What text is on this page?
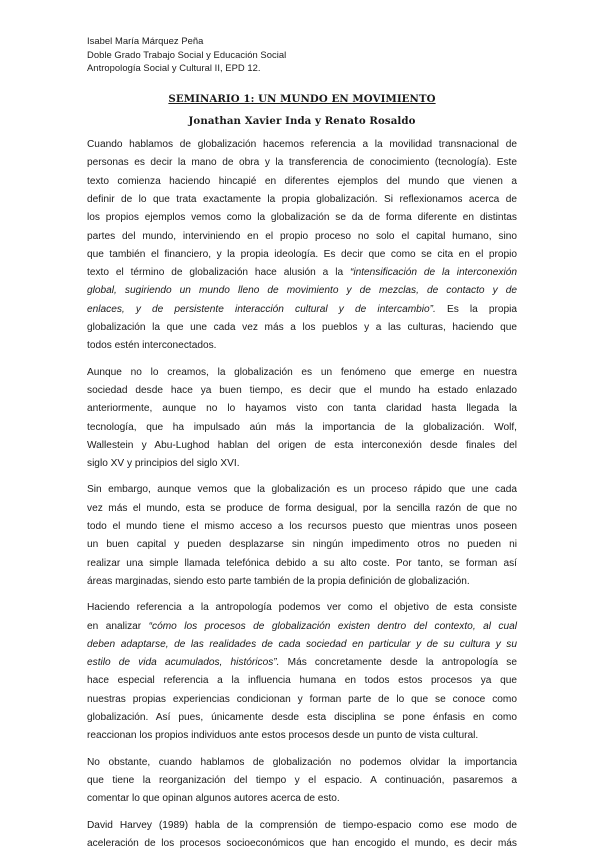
Isabel María Márquez Peña
Doble Grado Trabajo Social y Educación Social
Antropología Social y Cultural II, EPD 12.
SEMINARIO 1: UN MUNDO EN MOVIMIENTO
Jonathan Xavier Inda y Renato Rosaldo
Cuando hablamos de globalización hacemos referencia a la movilidad transnacional de
personas es decir la mano de obra y la transferencia de conocimiento (tecnología). Este
texto comienza haciendo hincapié en diferentes ejemplos del mundo que vienen a
definir de lo que trata exactamente la propia globalización. Si reflexionamos acerca de
los propios ejemplos vemos como la globalización se da de forma diferente en distintas
partes del mundo, interviniendo en el propio proceso no solo el capital humano, sino
que también el financiero, y la propia ideología. Es decir que como se cita en el propio
texto el término de globalización hace alusión a la “intensificación de la interconexión
global, sugiriendo un mundo lleno de movimiento y de mezclas, de contacto y de
enlaces, y de persistente interacción cultural y de intercambio”. Es la propia
globalización la que une cada vez más a los pueblos y a las culturas, haciendo que
todos estén interconectados.
Aunque no lo creamos, la globalización es un fenómeno que emerge en nuestra
sociedad desde hace ya buen tiempo, es decir que el mundo ha estado enlazado
anteriormente, aunque no lo hayamos visto con tanta claridad hasta llegada la
tecnología, que ha impulsado aún más la importancia de la globalización. Wolf,
Wallestein y Abu-Lughod hablan del origen de esta interconexión desde finales del
siglo XV y principios del siglo XVI.
Sin embargo, aunque vemos que la globalización es un proceso rápido que une cada
vez más el mundo, esta se produce de forma desigual, por la sencilla razón de que no
todo el mundo tiene el mismo acceso a los recursos puesto que mientras unos poseen
un buen capital y pueden desplazarse sin ningún impedimento otros no pueden ni
realizar una simple llamada telefónica debido a su alto coste. Por tanto, se forman así
áreas marginadas, siendo esto parte también de la propia definición de globalización.
Haciendo referencia a la antropología podemos ver como el objetivo de esta consiste
en analizar “cómo los procesos de globalización existen dentro del contexto, al cual
deben adaptarse, de las realidades de cada sociedad en particular y de su cultura y su
estilo de vida acumulados, históricos”. Más concretamente desde la antropología se
hace especial referencia a la influencia humana en todos estos procesos ya que
nuestras propias experiencias condicionan y forman parte de lo que se conoce como
globalización. Así pues, únicamente desde esta disciplina se pone énfasis en como
reaccionan los propios individuos ante estos procesos desde un punto de vista cultural.
No obstante, cuando hablamos de globalización no podemos olvidar la importancia
que tiene la reorganización del tiempo y el espacio. A continuación, pasaremos a
comentar lo que opinan algunos autores acerca de esto.
David Harvey (1989) habla de la comprensión de tiempo-espacio como ese modo de
aceleración de los procesos socioeconómicos que han encogido el mundo, es decir más
